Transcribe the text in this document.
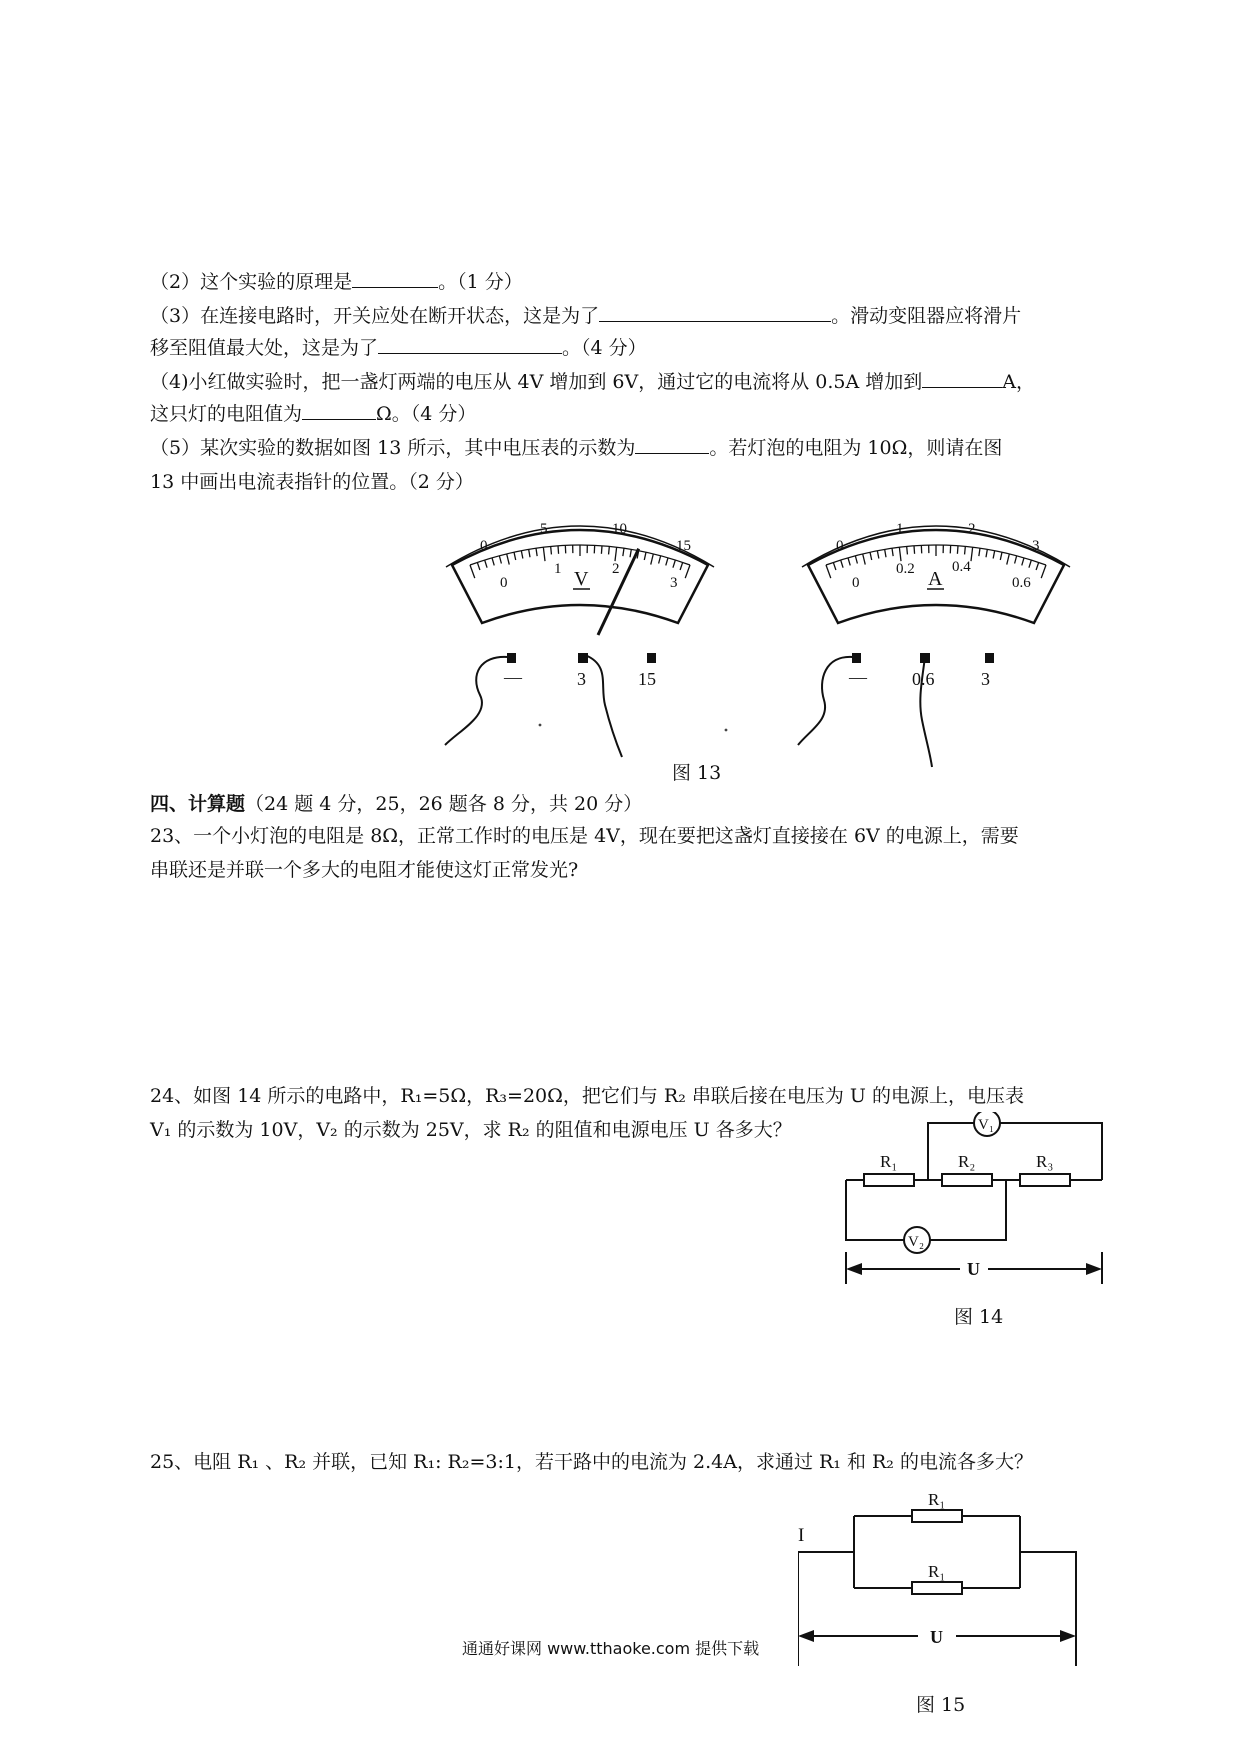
（2）这个实验的原理是	。（1 分）
（3）在连接电路时，开关应处在断开状态，这是为了	。滑动变阻器应将滑片
移至阻值最大处，这是为了	。（4 分）
（4)小红做实验时，把一盏灯两端的电压从 4V 增加到 6V，通过它的电流将从 0.5A 增加到	A，
这只灯的电阻值为	Ω。（4 分）
（5）某次实验的数据如图 13 所示，其中电压表的示数为	。若灯泡的电阻为 10Ω，则请在图
13 中画出电流表指针的位置。（2 分）
0
5	10
15
0
1	2
3
V
—	3	15
0
1	2
3
0
0.2 0.4
0.6
A
—	0.6	3
图 13
四、计算题（24 题 4 分，25，26 题各 8 分，共 20 分）
23、一个小灯泡的电阻是 8Ω，正常工作时的电压是 4V，现在要把这盏灯直接接在 6V 的电源上，需要
串联还是并联一个多大的电阻才能使这灯正常发光?
24、如图 14 所示的电路中，R₁=5Ω，R₃=20Ω，把它们与 R₂ 串联后接在电压为 U 的电源上，电压表
V₁ 的示数为 10V，V₂ 的示数为 25V，求 R₂ 的阻值和电源电压 U 各多大？
R₁	R₂	R₃
V₁
V₂
U
图 14
25、电阻 R₁ 、R₂ 并联，已知 R₁: R₂=3:1，若干路中的电流为 2.4A，求通过 R₁ 和 R₂ 的电流各多大？
R₁
R₁
I
U
图 15
通通好课网 www.tthaoke.com 提供下载
